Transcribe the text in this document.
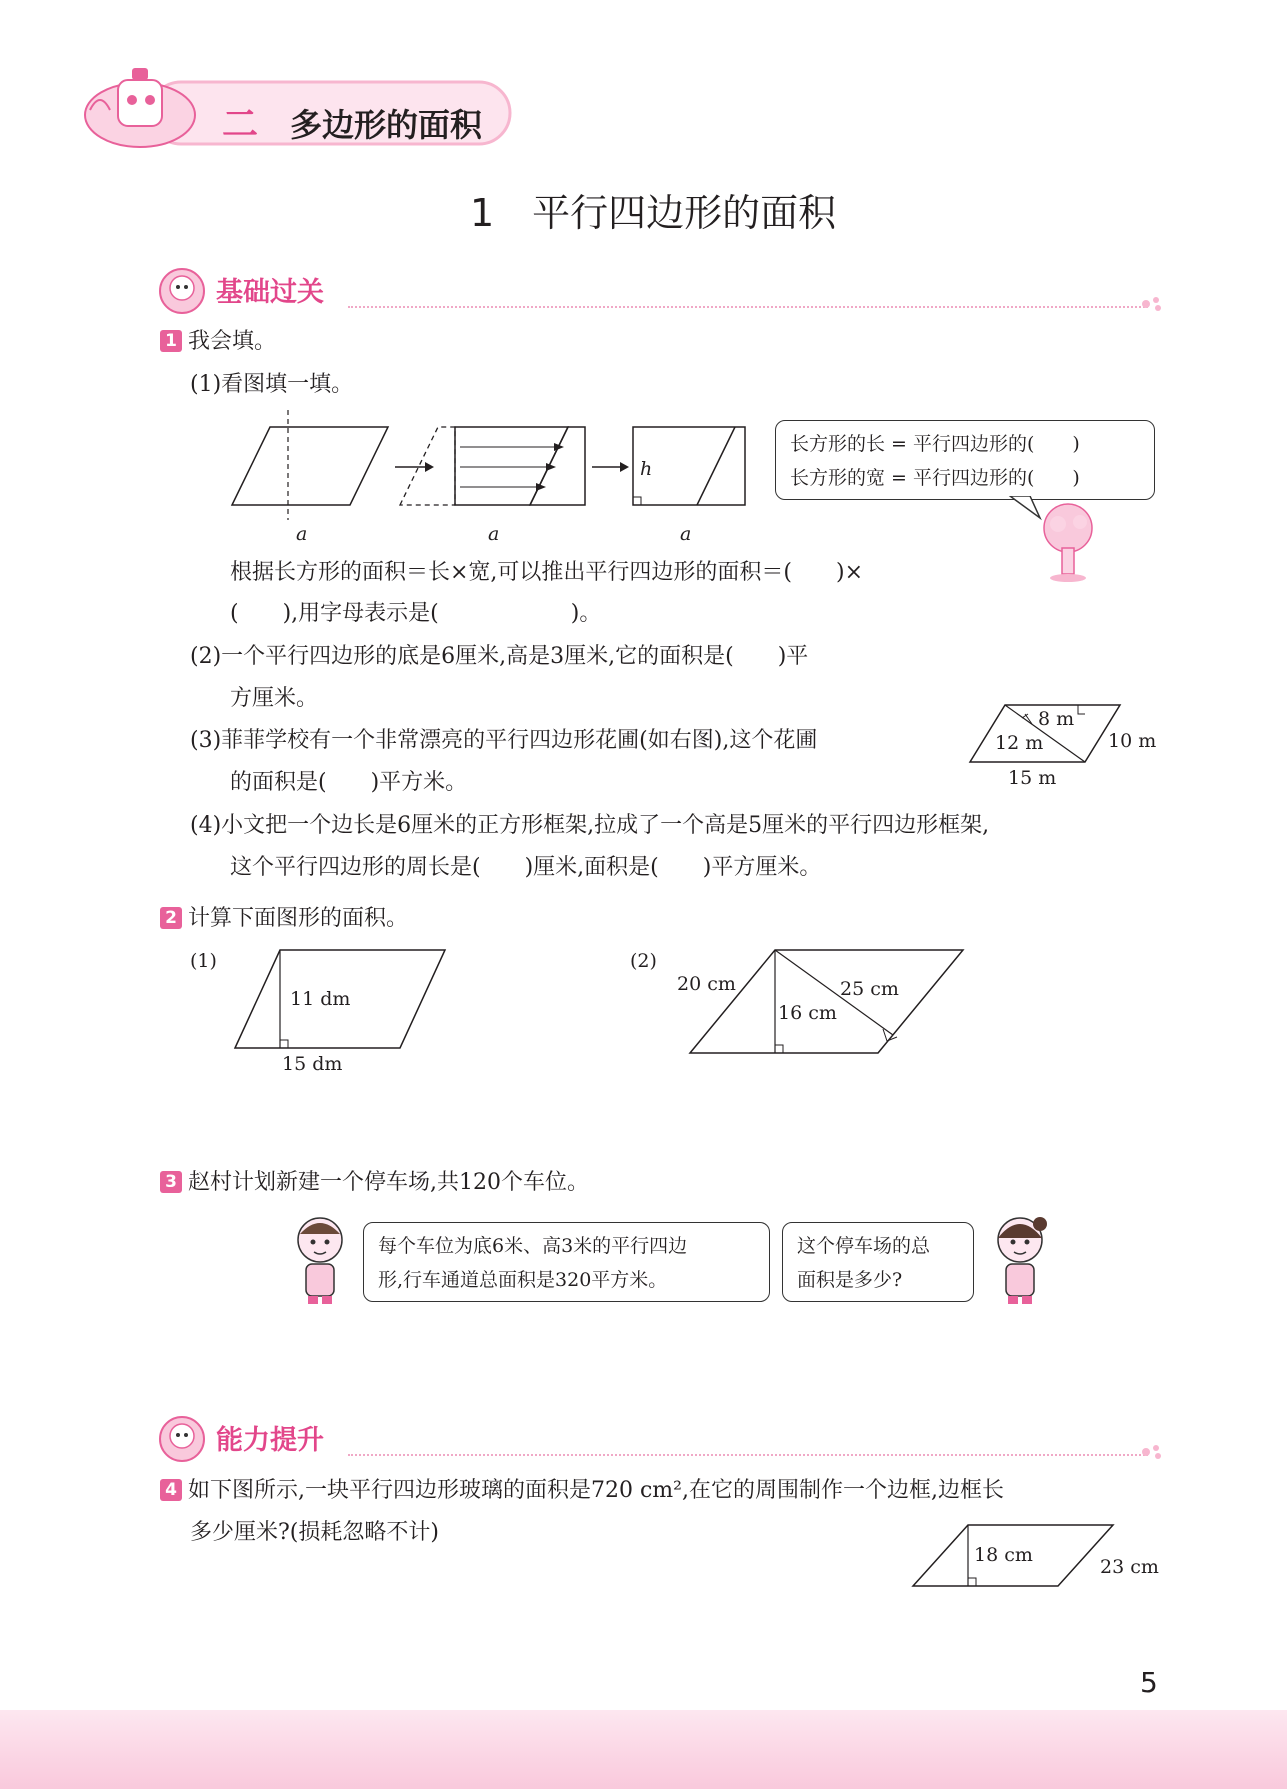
二 多边形的面积
1　平行四边形的面积
基础过关
1 我会填。
(1)看图填一填。
h
a	a	a
长方形的长 = 平行四边形的(　　)
长方形的宽 = 平行四边形的(　　)
根据长方形的面积＝长×宽,可以推出平行四边形的面积＝(　　)×
(　　),用字母表示是(　　　　　　)。
(2)一个平行四边形的底是6厘米,高是3厘米,它的面积是(　　)平
方厘米。
(3)菲菲学校有一个非常漂亮的平行四边形花圃(如右图),这个花圃
的面积是(　　)平方米。
8 m
12 m	10 m
15 m
(4)小文把一个边长是6厘米的正方形框架,拉成了一个高是5厘米的平行四边形框架,
这个平行四边形的周长是(　　)厘米,面积是(　　)平方厘米。
2 计算下面图形的面积。
(1)
11 dm
15 dm
(2)
20 cm	25 cm
16 cm
3 赵村计划新建一个停车场,共120个车位。
每个车位为底6米、高3米的平行四边
形,行车通道总面积是320平方米。
这个停车场的总
面积是多少?
能力提升
4 如下图所示,一块平行四边形玻璃的面积是720 cm²,在它的周围制作一个边框,边框长
多少厘米?(损耗忽略不计)
18 cm
23 cm
5
